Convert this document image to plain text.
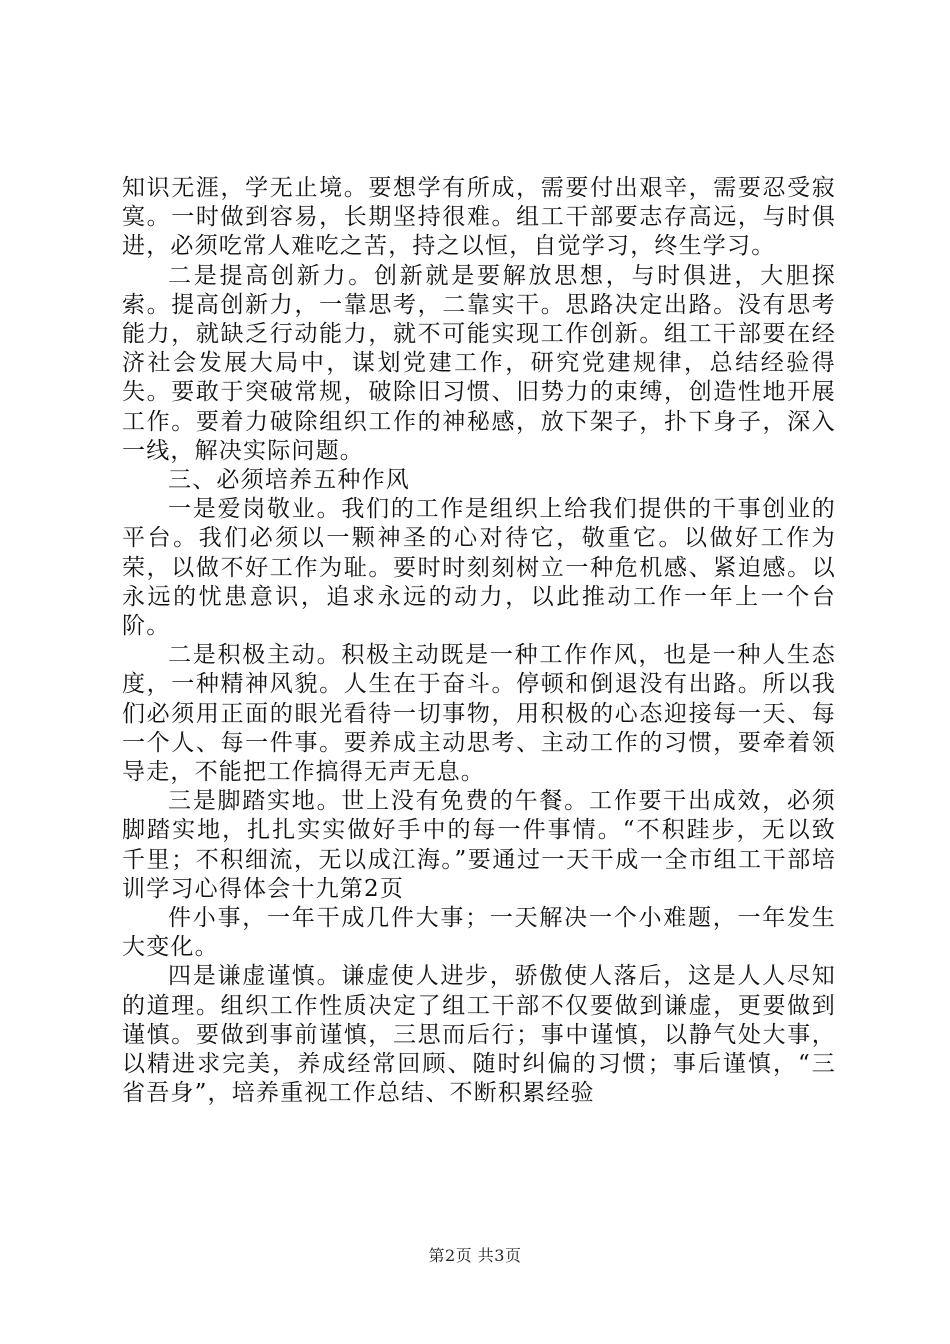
知识无涯，学无止境。要想学有所成，需要付出艰辛，需要忍受寂寞。一时做到容易，长期坚持很难。组工干部要志存高远，与时俱进，必须吃常人难吃之苦，持之以恒，自觉学习，终生学习。

二是提高创新力。创新就是要解放思想，与时俱进，大胆探索。提高创新力，一靠思考，二靠实干。思路决定出路。没有思考能力，就缺乏行动能力，就不可能实现工作创新。组工干部要在经济社会发展大局中，谋划党建工作，研究党建规律，总结经验得失。要敢于突破常规，破除旧习惯、旧势力的束缚，创造性地开展工作。要着力破除组织工作的神秘感，放下架子，扑下身子，深入一线，解决实际问题。

三、必须培养五种作风

一是爱岗敬业。我们的工作是组织上给我们提供的干事创业的平台。我们必须以一颗神圣的心对待它，敬重它。以做好工作为荣，以做不好工作为耻。要时时刻刻树立一种危机感、紧迫感。以永远的忧患意识，追求永远的动力，以此推动工作一年上一个台阶。

二是积极主动。积极主动既是一种工作作风，也是一种人生态度，一种精神风貌。人生在于奋斗。停顿和倒退没有出路。所以我们必须用正面的眼光看待一切事物，用积极的心态迎接每一天、每一个人、每一件事。要养成主动思考、主动工作的习惯，要牵着领导走，不能把工作搞得无声无息。

三是脚踏实地。世上没有免费的午餐。工作要干出成效，必须脚踏实地，扎扎实实做好手中的每一件事情。“不积跬步，无以致千里；不积细流，无以成江海。”要通过一天干成一全市组工干部培训学习心得体会十九第2页

件小事，一年干成几件大事；一天解决一个小难题，一年发生大变化。

四是谦虚谨慎。谦虚使人进步，骄傲使人落后，这是人人尽知的道理。组织工作性质决定了组工干部不仅要做到谦虚，更要做到谨慎。要做到事前谨慎，三思而后行；事中谨慎，以静气处大事，以精进求完美，养成经常回顾、随时纠偏的习惯；事后谨慎，“三省吾身”，培养重视工作总结、不断积累经验

第2页 共3页
